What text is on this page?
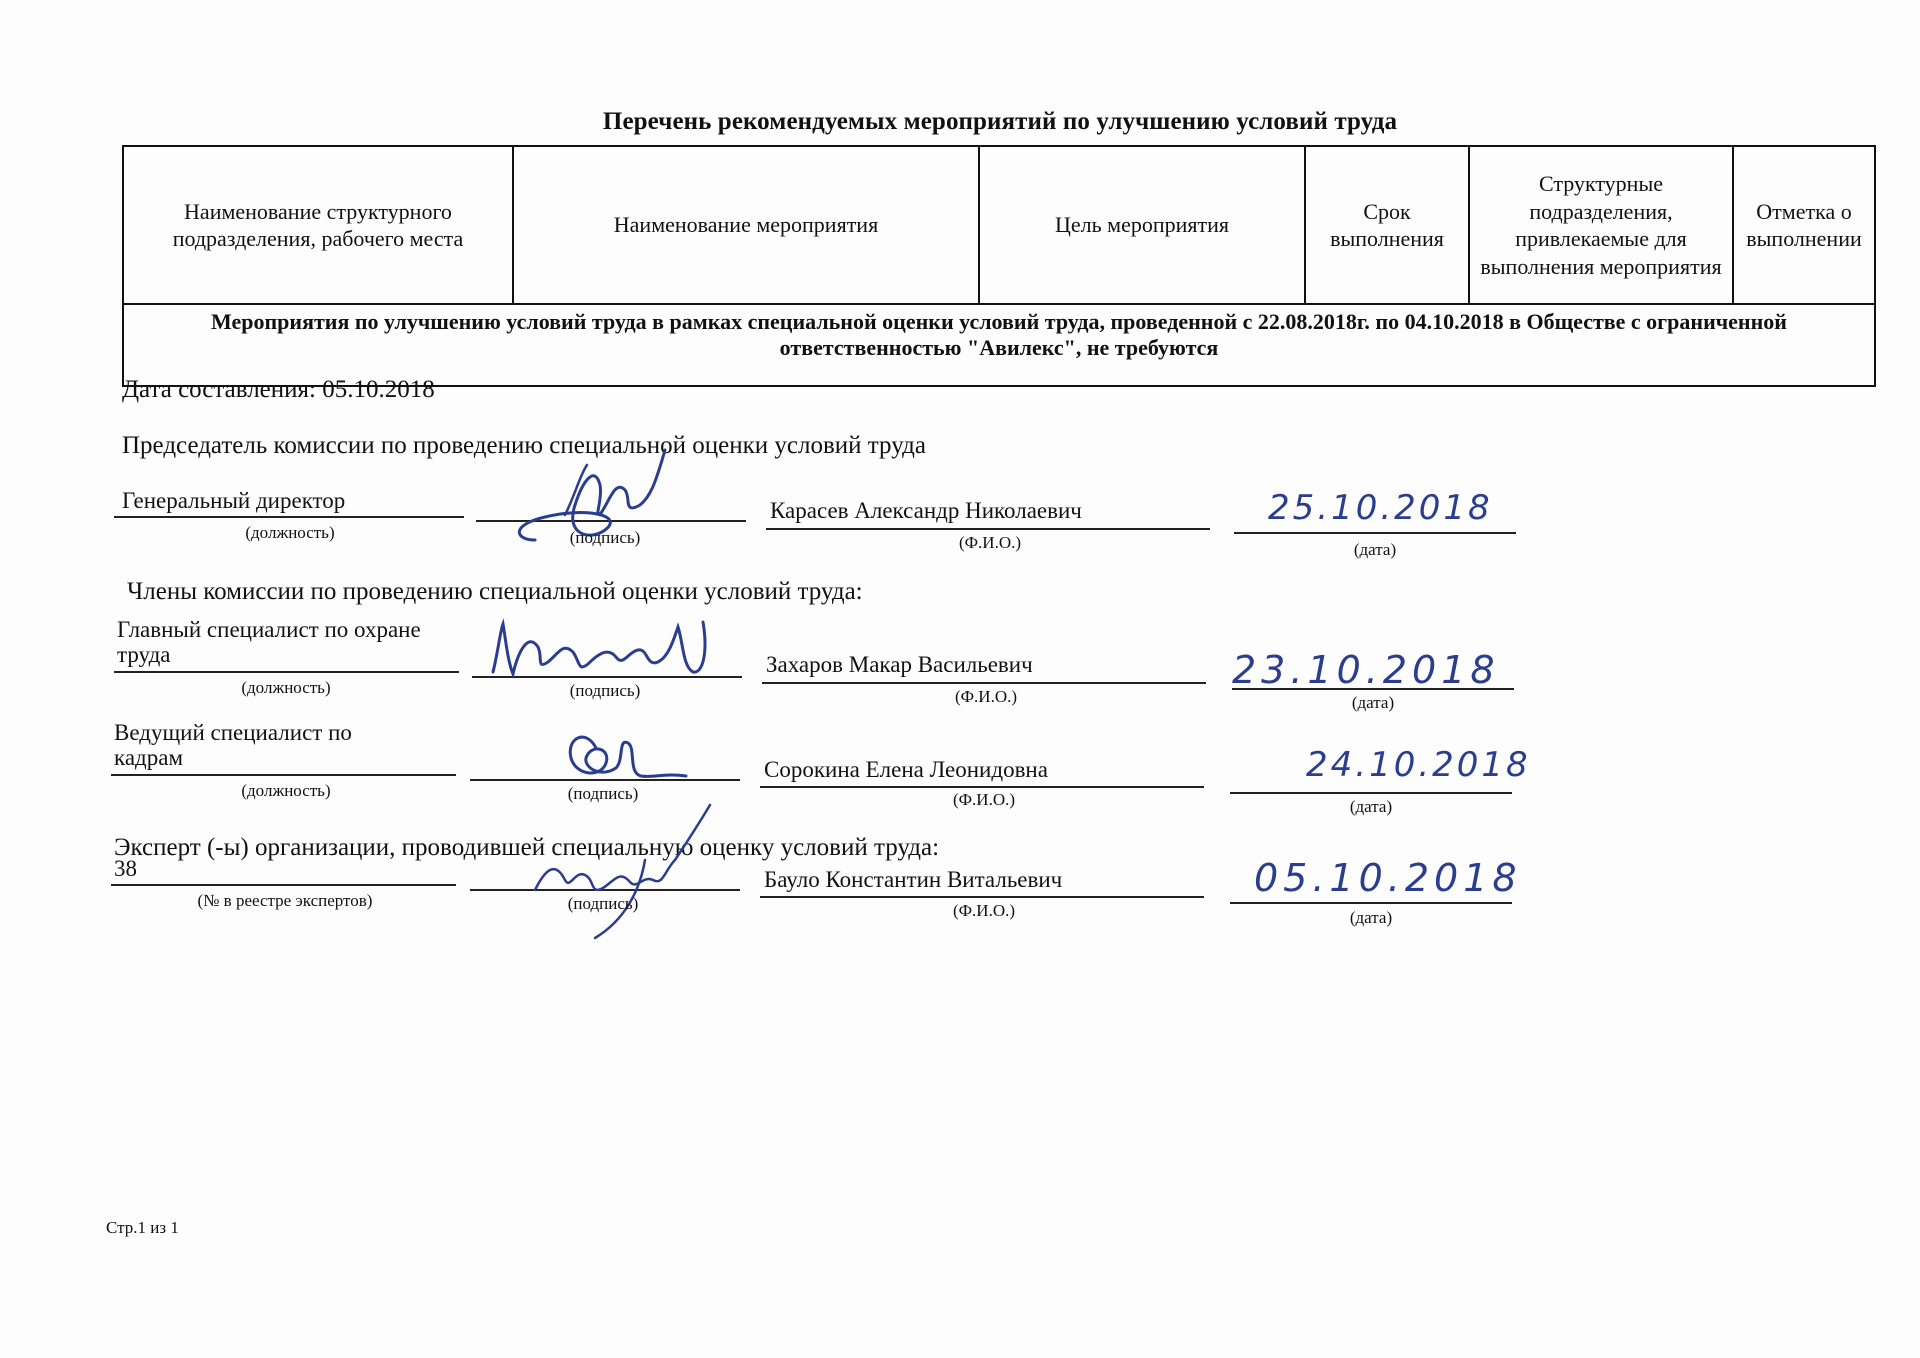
Перечень рекомендуемых мероприятий по улучшению условий труда
Наименование структурного подразделения, рабочего места	Наименование мероприятия	Цель мероприятия	Срок выполнения	Структурные подразделения, привлекаемые для выполнения мероприятия	Отметка о выполнении
Мероприятия по улучшению условий труда в рамках специальной оценки условий труда, проведенной с 22.08.2018г. по 04.10.2018 в Обществе с ограниченной ответственностью "Авилекс", не требуются
Дата составления: 05.10.2018
Председатель комиссии по проведению специальной оценки условий труда
Генеральный директор
(должность)	(подпись)
Карасев Александр Николаевич
(Ф.И.О.)
25.10.2018
(дата)
Члены комиссии по проведению специальной оценки условий труда:
Главный специалист по охране
труда
(должность)	(подпись)
Захаров Макар Васильевич
(Ф.И.О.)
23.10.2018
(дата)
Ведущий специалист по
кадрам
(должность)	(подпись)
Сорокина Елена Леонидовна
(Ф.И.О.)
24.10.2018
(дата)
Эксперт (-ы) организации, проводившей специальную оценку условий труда:
38
(№ в реестре экспертов)	(подпись)
Бауло Константин Витальевич
(Ф.И.О.)
05.10.2018
(дата)
Стр.1 из 1
